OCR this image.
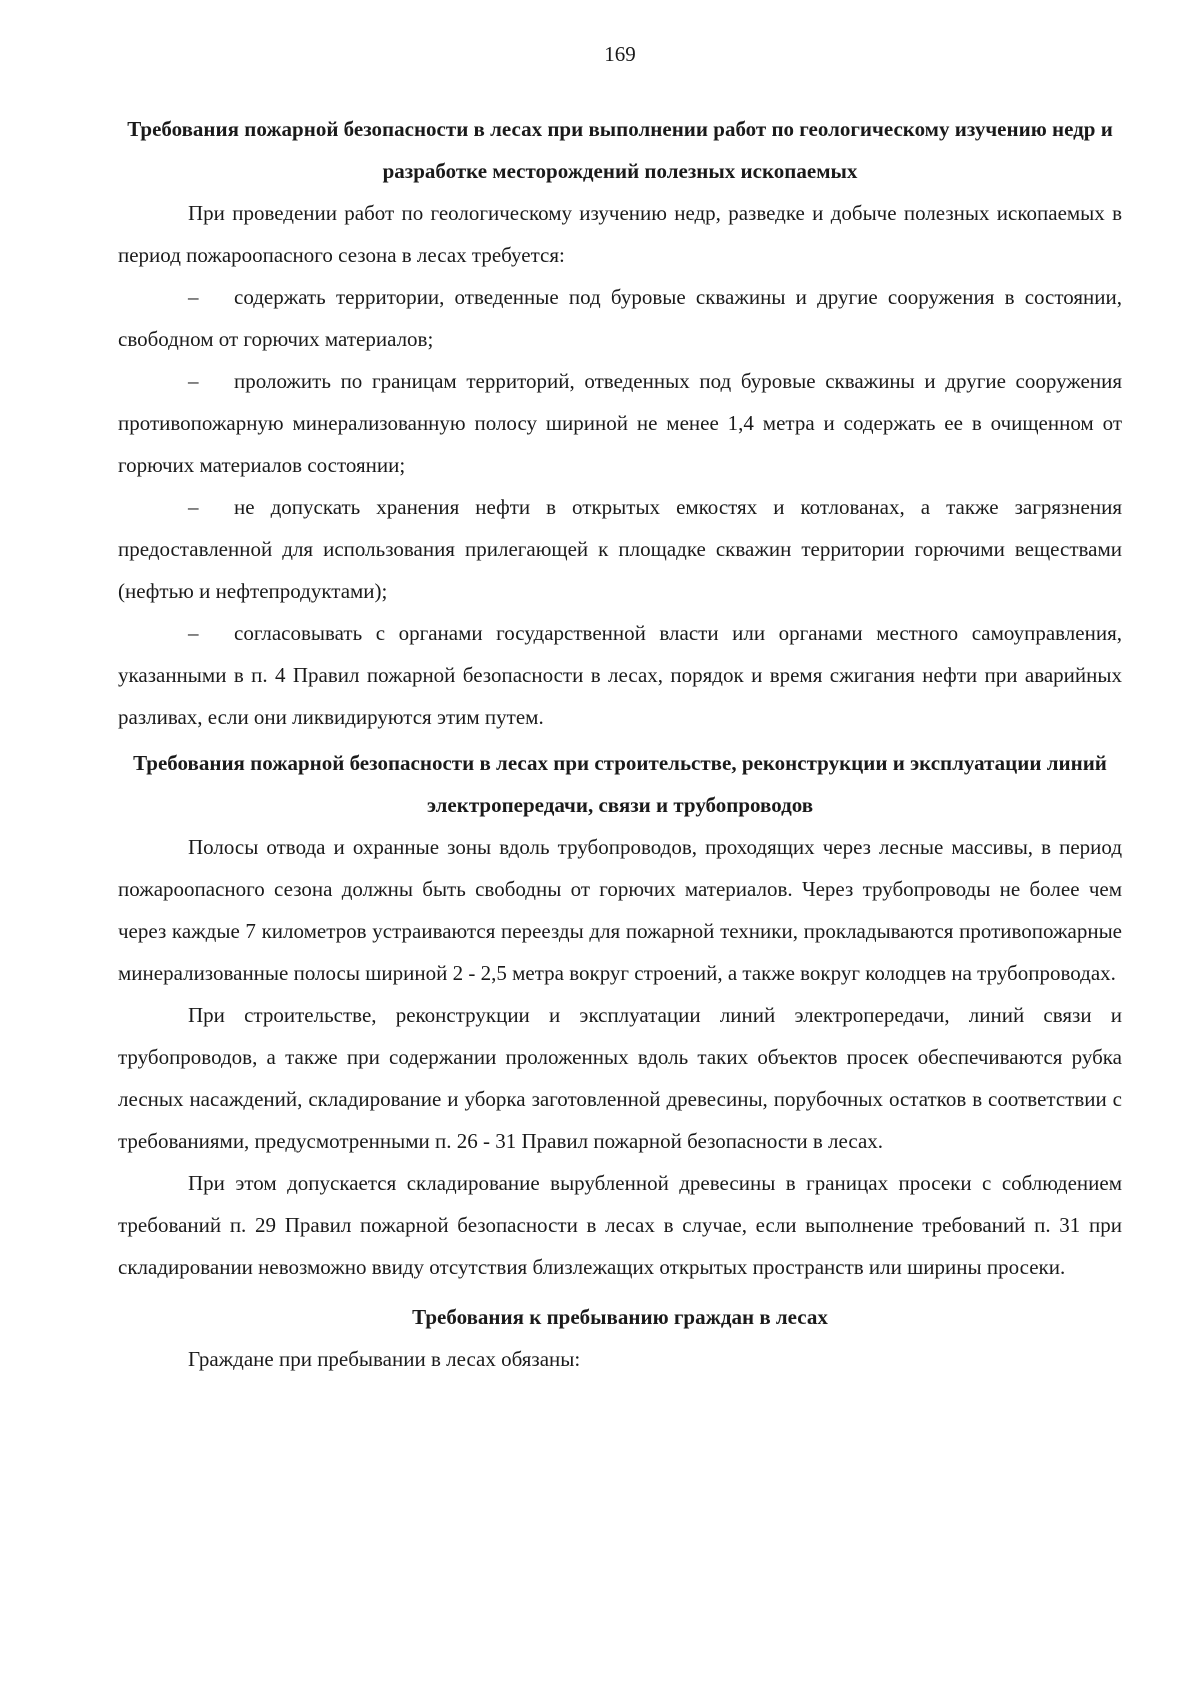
169
Требования пожарной безопасности в лесах при выполнении работ по геологическому изучению недр и разработке месторождений полезных ископаемых

При проведении работ по геологическому изучению недр, разведке и добыче полезных ископаемых в период пожароопасного сезона в лесах требуется:

– содержать территории, отведенные под буровые скважины и другие сооружения в состоянии, свободном от горючих материалов;

– проложить по границам территорий, отведенных под буровые скважины и другие сооружения противопожарную минерализованную полосу шириной не менее 1,4 метра и содержать ее в очищенном от горючих материалов состоянии;

– не допускать хранения нефти в открытых емкостях и котлованах, а также загрязнения предоставленной для использования прилегающей к площадке скважин территории горючими веществами (нефтью и нефтепродуктами);

– согласовывать с органами государственной власти или органами местного самоуправления, указанными в п. 4 Правил пожарной безопасности в лесах, порядок и время сжигания нефти при аварийных разливах, если они ликвидируются этим путем.

Требования пожарной безопасности в лесах при строительстве, реконструкции и эксплуатации линий электропередачи, связи и трубопроводов

Полосы отвода и охранные зоны вдоль трубопроводов, проходящих через лесные массивы, в период пожароопасного сезона должны быть свободны от горючих материалов. Через трубопроводы не более чем через каждые 7 километров устраиваются переезды для пожарной техники, прокладываются противопожарные минерализованные полосы шириной 2 - 2,5 метра вокруг строений, а также вокруг колодцев на трубопроводах.

При строительстве, реконструкции и эксплуатации линий электропередачи, линий связи и трубопроводов, а также при содержании проложенных вдоль таких объектов просек обеспечиваются рубка лесных насаждений, складирование и уборка заготовленной древесины, порубочных остатков в соответствии с требованиями, предусмотренными п. 26 - 31 Правил пожарной безопасности в лесах.

При этом допускается складирование вырубленной древесины в границах просеки с соблюдением требований п. 29 Правил пожарной безопасности в лесах в случае, если выполнение требований п. 31 при складировании невозможно ввиду отсутствия близлежащих открытых пространств или ширины просеки.

Требования к пребыванию граждан в лесах

Граждане при пребывании в лесах обязаны:
